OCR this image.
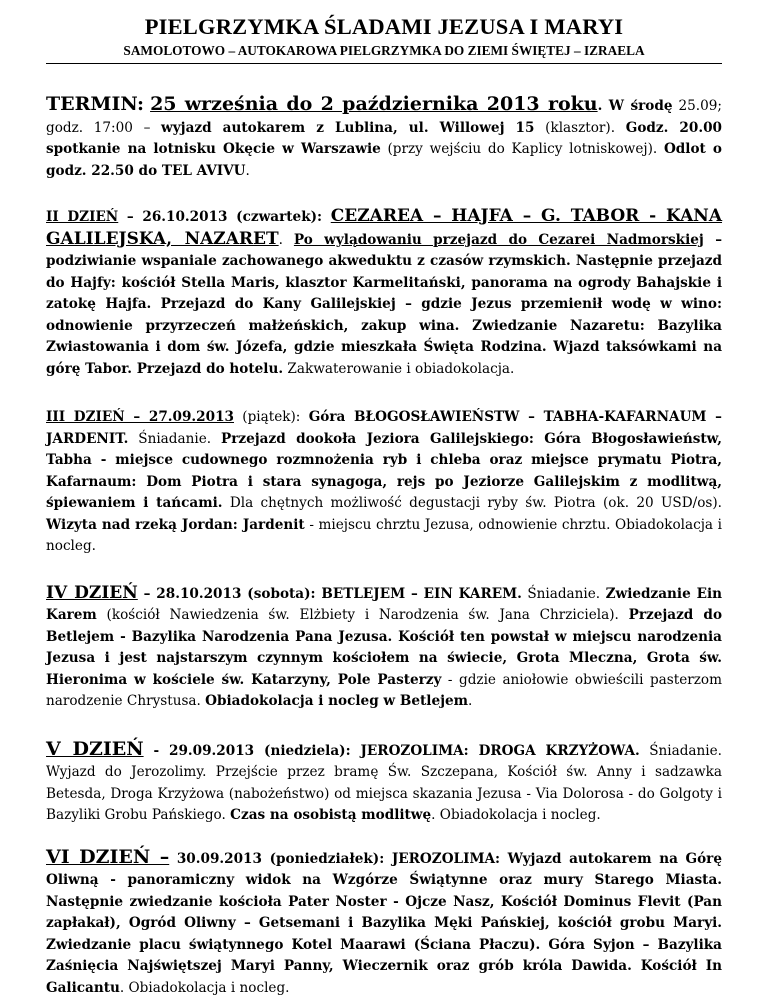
PIELGRZYMKA ŚLADAMI JEZUSA I MARYI
SAMOLOTOWO – AUTOKAROWA PIELGRZYMKA DO ZIEMI ŚWIĘTEJ – IZRAELA
TERMIN: 25 września do 2 października 2013 roku. W środę 25.09; godz. 17:00 – wyjazd autokarem z Lublina, ul. Willowej 15 (klasztor). Godz. 20.00 spotkanie na lotnisku Okęcie w Warszawie (przy wejściu do Kaplicy lotniskowej). Odlot o godz. 22.50 do TEL AVIVU.
II DZIEŃ – 26.10.2013 (czwartek): CEZAREA – HAJFA – G. TABOR - KANA GALILEJSKA, NAZARET. Po wylądowaniu przejazd do Cezarei Nadmorskiej – podziwianie wspaniale zachowanego akweduktu z czasów rzymskich. Następnie przejazd do Hajfy: kościół Stella Maris, klasztor Karmelitański, panorama na ogrody Bahajskie i zatokę Hajfa. Przejazd do Kany Galilejskiej – gdzie Jezus przemienił wodę w wino: odnowienie przyrzeczeń małżeńskich, zakup wina. Zwiedzanie Nazaretu: Bazylika Zwiastowania i dom św. Józefa, gdzie mieszkała Święta Rodzina. Wjazd taksówkami na górę Tabor. Przejazd do hotelu. Zakwaterowanie i obiadokolacja.
III DZIEŃ – 27.09.2013 (piątek): Góra BŁOGOSŁAWIEŃSTW – TABHA-KAFARNAUM – JARDENIT. Śniadanie. Przejazd dookoła Jeziora Galilejskiego: Góra Błogosławieństw, Tabha - miejsce cudownego rozmnożenia ryb i chleba oraz miejsce prymatu Piotra, Kafarnaum: Dom Piotra i stara synagoga, rejs po Jeziorze Galilejskim z modlitwą, śpiewaniem i tańcami. Dla chętnych możliwość degustacji ryby św. Piotra (ok. 20 USD/os). Wizyta nad rzeką Jordan: Jardenit - miejscu chrztu Jezusa, odnowienie chrztu. Obiadokolacja i nocleg.
IV DZIEŃ – 28.10.2013 (sobota): BETLEJEM – EIN KAREM. Śniadanie. Zwiedzanie Ein Karem (kościół Nawiedzenia św. Elżbiety i Narodzenia św. Jana Chrziciela). Przejazd do Betlejem - Bazylika Narodzenia Pana Jezusa. Kościół ten powstał w miejscu narodzenia Jezusa i jest najstarszym czynnym kościołem na świecie, Grota Mleczna, Grota św. Hieronima w kościele św. Katarzyny, Pole Pasterzy - gdzie aniołowie obwieścili pasterzom narodzenie Chrystusa. Obiadokolacja i nocleg w Betlejem.
V DZIEŃ - 29.09.2013 (niedziela): JEROZOLIMA: DROGA KRZYŻOWA. Śniadanie. Wyjazd do Jerozolimy. Przejście przez bramę Św. Szczepana, Kościół św. Anny i sadzawka Betesda, Droga Krzyżowa (nabożeństwo) od miejsca skazania Jezusa - Via Dolorosa - do Golgoty i Bazyliki Grobu Pańskiego. Czas na osobistą modlitwę. Obiadokolacja i nocleg.
VI DZIEŃ – 30.09.2013 (poniedziałek): JEROZOLIMA: Wyjazd autokarem na Górę Oliwną - panoramiczny widok na Wzgórze Świątynne oraz mury Starego Miasta. Następnie zwiedzanie kościoła Pater Noster - Ojcze Nasz, Kościół Dominus Flevit (Pan zapłakał), Ogród Oliwny – Getsemani i Bazylika Męki Pańskiej, kościół grobu Maryi. Zwiedzanie placu świątynnego Kotel Maarawi (Ściana Płaczu). Góra Syjon – Bazylika Zaśnięcia Najświętszej Maryi Panny, Wieczernik oraz grób króla Dawida. Kościół In Galicantu. Obiadokolacja i nocleg.
